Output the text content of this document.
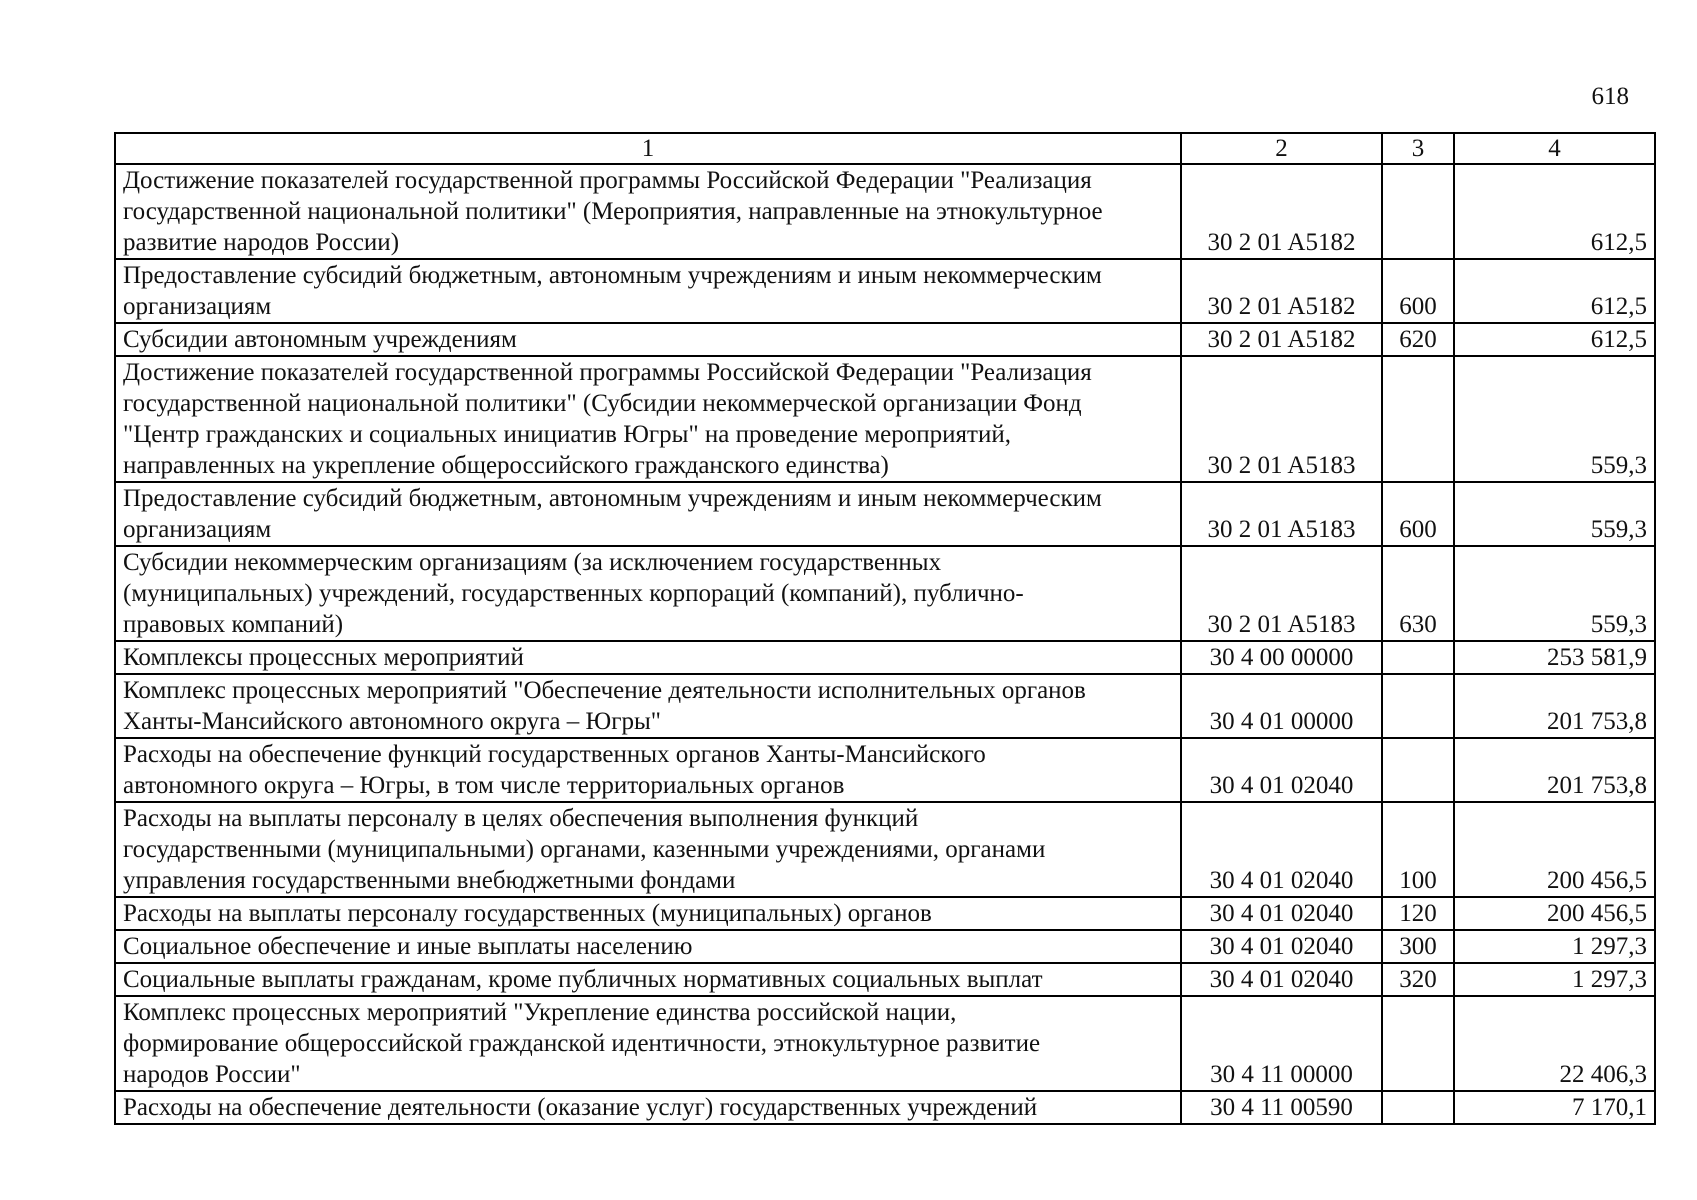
618
1	2	3	4
Достижение показателей государственной программы Российской Федерации "Реализация
государственной национальной политики" (Мероприятия, направленные на этнокультурное
развитие народов России)	30 2 01 A5182		612,5
Предоставление субсидий бюджетным, автономным учреждениям и иным некоммерческим
организациям	30 2 01 A5182	600	612,5
Субсидии автономным учреждениям	30 2 01 A5182	620	612,5
Достижение показателей государственной программы Российской Федерации "Реализация
государственной национальной политики" (Субсидии некоммерческой организации Фонд
"Центр гражданских и социальных инициатив Югры" на проведение мероприятий,
направленных на укрепление общероссийского гражданского единства)	30 2 01 A5183		559,3
Предоставление субсидий бюджетным, автономным учреждениям и иным некоммерческим
организациям	30 2 01 A5183	600	559,3
Субсидии некоммерческим организациям (за исключением государственных
(муниципальных) учреждений, государственных корпораций (компаний), публично-
правовых компаний)	30 2 01 A5183	630	559,3
Комплексы процессных мероприятий	30 4 00 00000		253 581,9
Комплекс процессных мероприятий "Обеспечение деятельности исполнительных органов
Ханты-Мансийского автономного округа – Югры"	30 4 01 00000		201 753,8
Расходы на обеспечение функций государственных органов Ханты-Мансийского
автономного округа – Югры, в том числе территориальных органов	30 4 01 02040		201 753,8
Расходы на выплаты персоналу в целях обеспечения выполнения функций
государственными (муниципальными) органами, казенными учреждениями, органами
управления государственными внебюджетными фондами	30 4 01 02040	100	200 456,5
Расходы на выплаты персоналу государственных (муниципальных) органов	30 4 01 02040	120	200 456,5
Социальное обеспечение и иные выплаты населению	30 4 01 02040	300	1 297,3
Социальные выплаты гражданам, кроме публичных нормативных социальных выплат	30 4 01 02040	320	1 297,3
Комплекс процессных мероприятий "Укрепление единства российской нации,
формирование общероссийской гражданской идентичности, этнокультурное развитие
народов России"	30 4 11 00000		22 406,3
Расходы на обеспечение деятельности (оказание услуг) государственных учреждений	30 4 11 00590		7 170,1
